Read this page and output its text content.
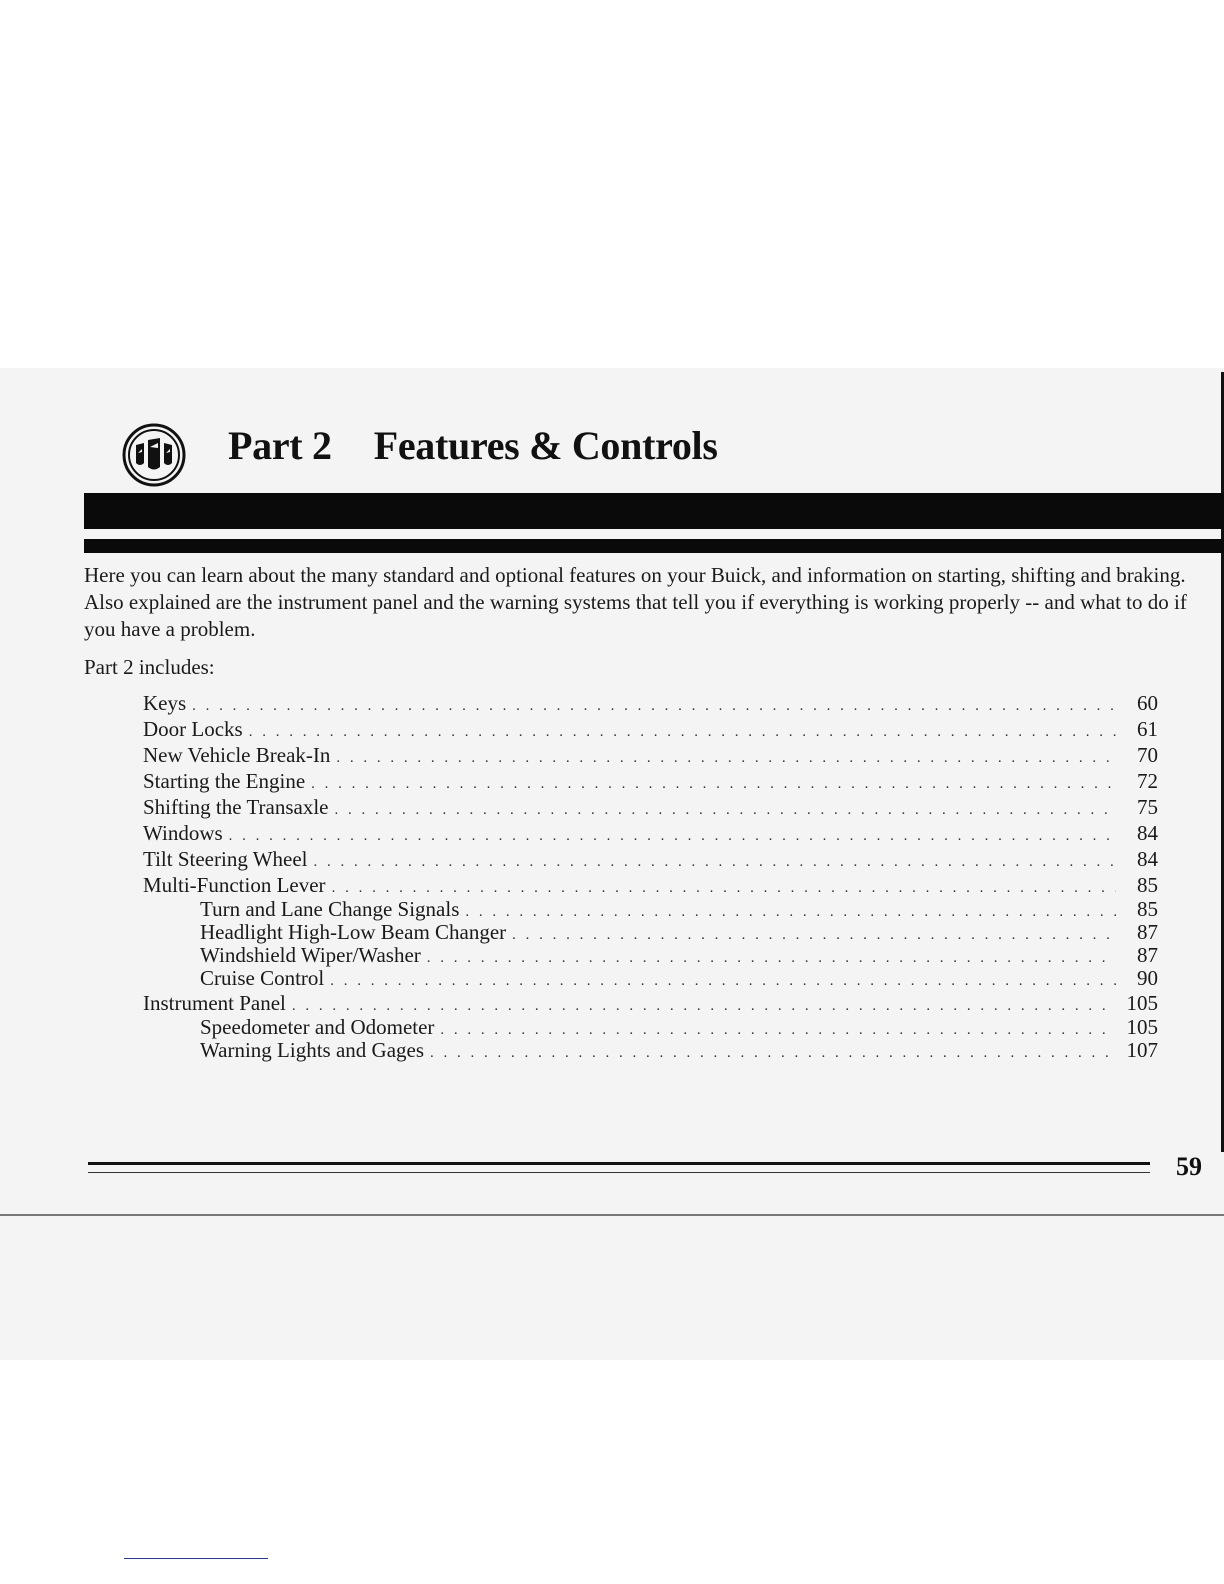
Part 2 Features & Controls

Here you can learn about the many standard and optional features on your Buick, and information on starting, shifting and braking. Also explained are the instrument panel and the warning systems that tell you if everything is working properly -- and what to do if you have a problem.

Part 2 includes:
Keys . . .	60
Door Locks . . .	61
New Vehicle Break-In . . .	70
Starting the Engine . . .	72
Shifting the Transaxle . . .	75
Windows . . .	84
Tilt Steering Wheel . . .	84
Multi-Function Lever . . .	85
Turn and Lane Change Signals . . .	85
Headlight High-Low Beam Changer . . .	87
Windshield Wiper/Washer . . .	87
Cruise Control . . .	90
Instrument Panel . . .	105
Speedometer and Odometer . . .	105
Warning Lights and Gages . . .	107
59
